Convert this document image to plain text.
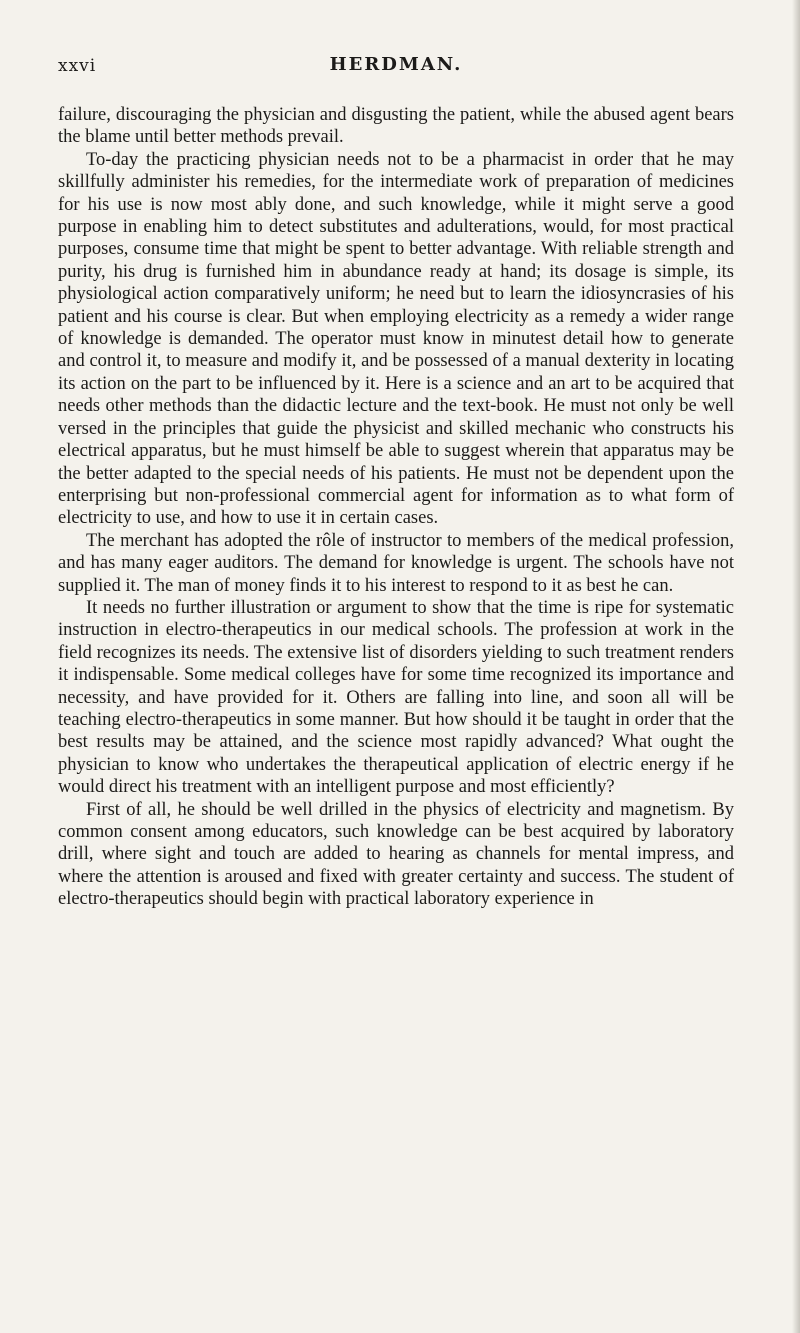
xxvi	HERDMAN.

failure, discouraging the physician and disgusting the patient, while the abused agent bears the blame until better methods prevail.

To-day the practicing physician needs not to be a pharmacist in order that he may skillfully administer his remedies, for the intermediate work of preparation of medicines for his use is now most ably done, and such knowledge, while it might serve a good purpose in enabling him to detect substitutes and adulterations, would, for most practical purposes, consume time that might be spent to better advantage. With reliable strength and purity, his drug is furnished him in abundance ready at hand; its dosage is simple, its physiological action comparatively uniform; he need but to learn the idiosyncrasies of his patient and his course is clear. But when employing electricity as a remedy a wider range of knowledge is demanded. The operator must know in minutest detail how to generate and control it, to measure and modify it, and be possessed of a manual dexterity in locating its action on the part to be influenced by it. Here is a science and an art to be acquired that needs other methods than the didactic lecture and the text-book. He must not only be well versed in the principles that guide the physicist and skilled mechanic who constructs his electrical apparatus, but he must himself be able to suggest wherein that apparatus may be the better adapted to the special needs of his patients. He must not be dependent upon the enterprising but non-professional commercial agent for information as to what form of electricity to use, and how to use it in certain cases.

The merchant has adopted the rôle of instructor to members of the medical profession, and has many eager auditors. The demand for knowledge is urgent. The schools have not supplied it. The man of money finds it to his interest to respond to it as best he can.

It needs no further illustration or argument to show that the time is ripe for systematic instruction in electro-therapeutics in our medical schools. The profession at work in the field recognizes its needs. The extensive list of disorders yielding to such treatment renders it indispensable. Some medical colleges have for some time recognized its importance and necessity, and have provided for it. Others are falling into line, and soon all will be teaching electro-therapeutics in some manner. But how should it be taught in order that the best results may be attained, and the science most rapidly advanced? What ought the physician to know who undertakes the therapeutical application of electric energy if he would direct his treatment with an intelligent purpose and most efficiently?

First of all, he should be well drilled in the physics of electricity and magnetism. By common consent among educators, such knowledge can be best acquired by laboratory drill, where sight and touch are added to hearing as channels for mental impress, and where the attention is aroused and fixed with greater certainty and success. The student of electro-therapeutics should begin with practical laboratory experience in
